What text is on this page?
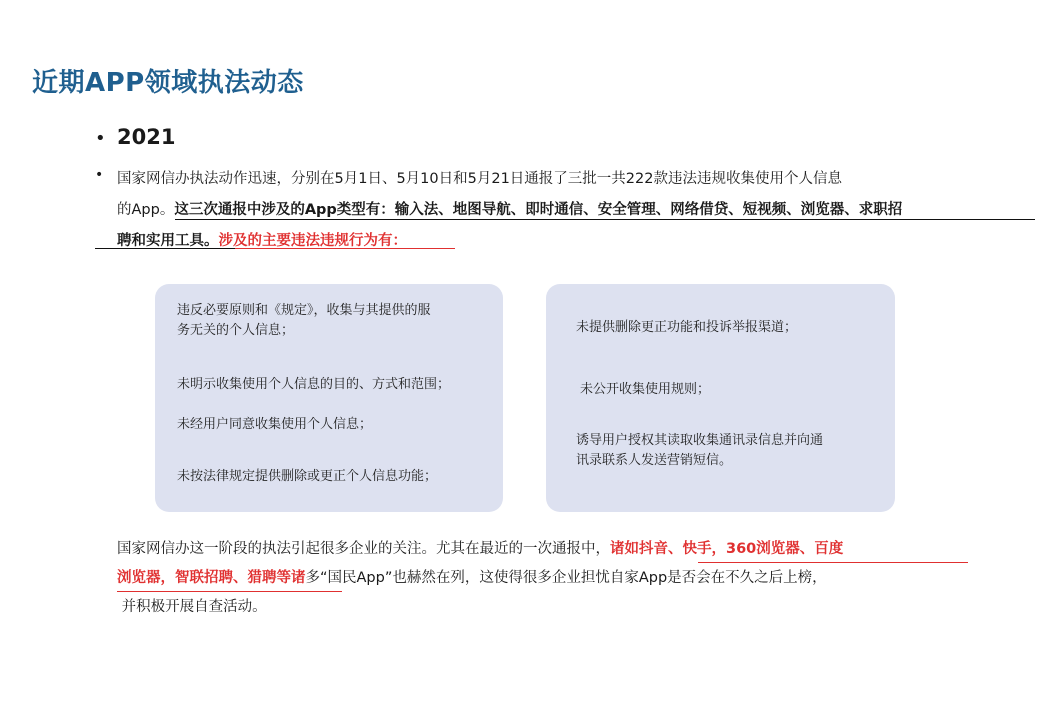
近期APP领域执法动态
• 2021
• 国家网信办执法动作迅速，分别在5月1日、5月10日和5月21日通报了三批一共222款违法违规收集使用个人信息
的App。这三次通报中涉及的App类型有：输入法、地图导航、即时通信、安全管理、网络借贷、短视频、浏览器、求职招
聘和实用工具。涉及的主要违法违规行为有：
违反必要原则和《规定》，收集与其提供的服
务无关的个人信息；
未明示收集使用个人信息的目的、方式和范围；
未经用户同意收集使用个人信息；
未按法律规定提供删除或更正个人信息功能；
未提供删除更正功能和投诉举报渠道；
未公开收集使用规则；
诱导用户授权其读取收集通讯录信息并向通
讯录联系人发送营销短信。
国家网信办这一阶段的执法引起很多企业的关注。尤其在最近的一次通报中，诸如抖音、快手，360浏览器、百度
浏览器，智联招聘、猎聘等诸多“国民App”也赫然在列，这使得很多企业担忧自家App是否会在不久之后上榜，
并积极开展自查活动。
